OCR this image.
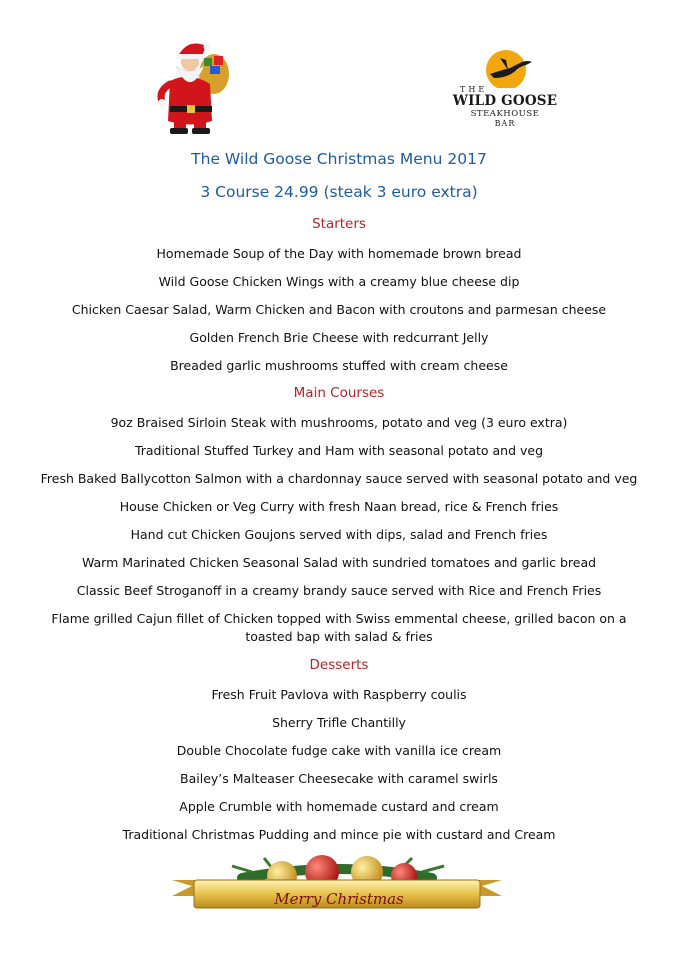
THE
WILD GOOSE
STEAKHOUSE
BAR
The Wild Goose Christmas Menu 2017
3 Course 24.99 (steak 3 euro extra)
Starters
Homemade Soup of the Day with homemade brown bread
Wild Goose Chicken Wings with a creamy blue cheese dip
Chicken Caesar Salad, Warm Chicken and Bacon with croutons and parmesan cheese
Golden French Brie Cheese with redcurrant Jelly
Breaded garlic mushrooms stuffed with cream cheese
Main Courses
9oz Braised Sirloin Steak with mushrooms, potato and veg (3 euro extra)
Traditional Stuffed Turkey and Ham with seasonal potato and veg
Fresh Baked Ballycotton Salmon with a chardonnay sauce served with seasonal potato and veg
House Chicken or Veg Curry with fresh Naan bread, rice & French fries
Hand cut Chicken Goujons served with dips, salad and French fries
Warm Marinated Chicken Seasonal Salad with sundried tomatoes and garlic bread
Classic Beef Stroganoff in a creamy brandy sauce served with Rice and French Fries
Flame grilled Cajun fillet of Chicken topped with Swiss emmental cheese, grilled bacon on a toasted bap with salad & fries
Desserts
Fresh Fruit Pavlova with Raspberry coulis
Sherry Trifle Chantilly
Double Chocolate fudge cake with vanilla ice cream
Bailey’s Malteaser Cheesecake with caramel swirls
Apple Crumble with homemade custard and cream
Traditional Christmas Pudding and mince pie with custard and Cream
Merry Christmas
